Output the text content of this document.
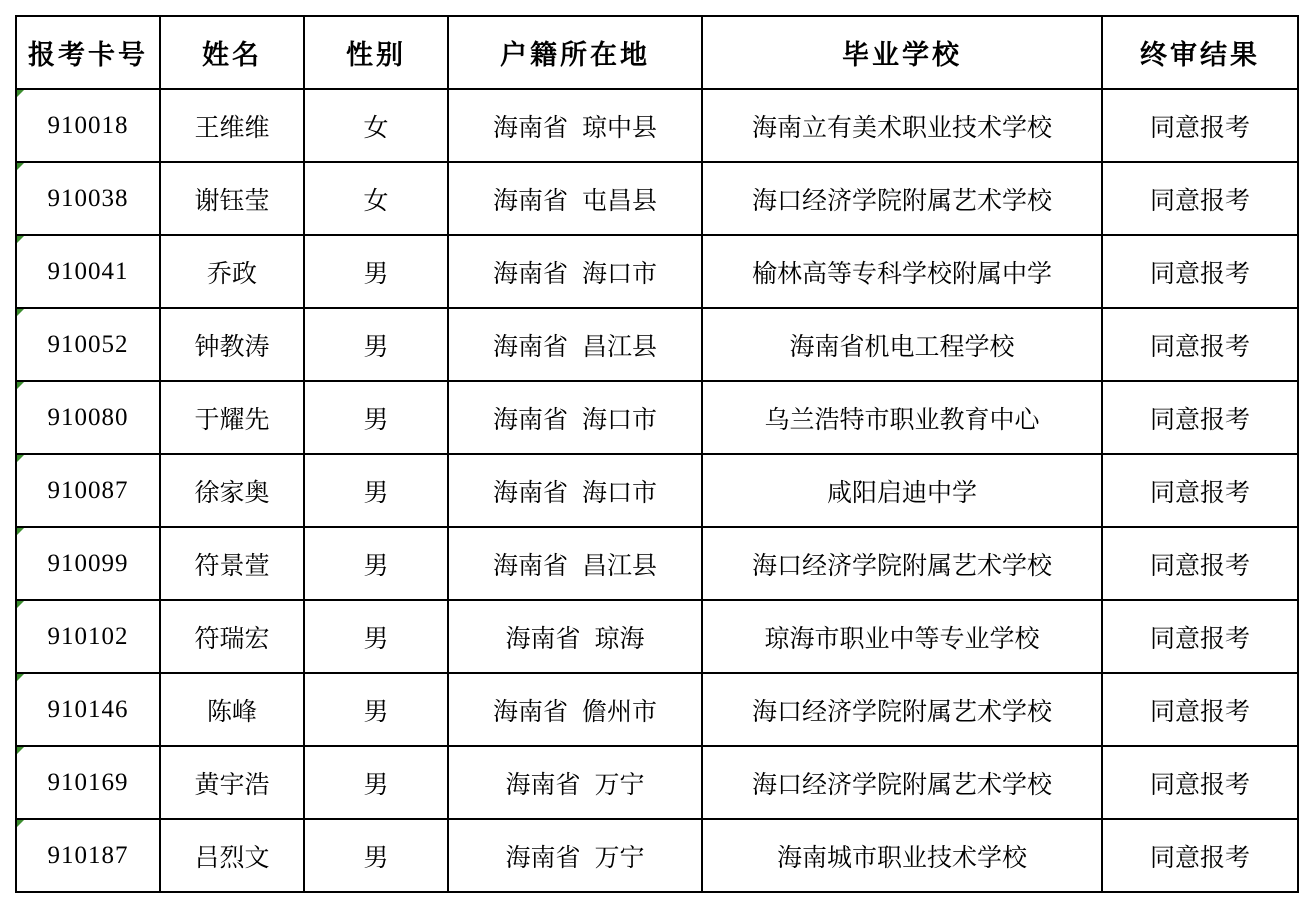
报考卡号	姓名	性别	户籍所在地	毕业学校	终审结果

910018	王维维	女	海南省 琼中县	海南立有美术职业技术学校	同意报考

910038	谢钰莹	女	海南省 屯昌县	海口经济学院附属艺术学校	同意报考

910041	乔政	男	海南省 海口市	榆林高等专科学校附属中学	同意报考

910052	钟教涛	男	海南省 昌江县	海南省机电工程学校	同意报考

910080	于耀先	男	海南省 海口市	乌兰浩特市职业教育中心	同意报考

910087	徐家奥	男	海南省 海口市	咸阳启迪中学	同意报考

910099	符景萱	男	海南省 昌江县	海口经济学院附属艺术学校	同意报考

910102	符瑞宏	男	海南省 琼海	琼海市职业中等专业学校	同意报考

910146	陈峰	男	海南省 儋州市	海口经济学院附属艺术学校	同意报考

910169	黄宇浩	男	海南省 万宁	海口经济学院附属艺术学校	同意报考

910187	吕烈文	男	海南省 万宁	海南城市职业技术学校	同意报考
